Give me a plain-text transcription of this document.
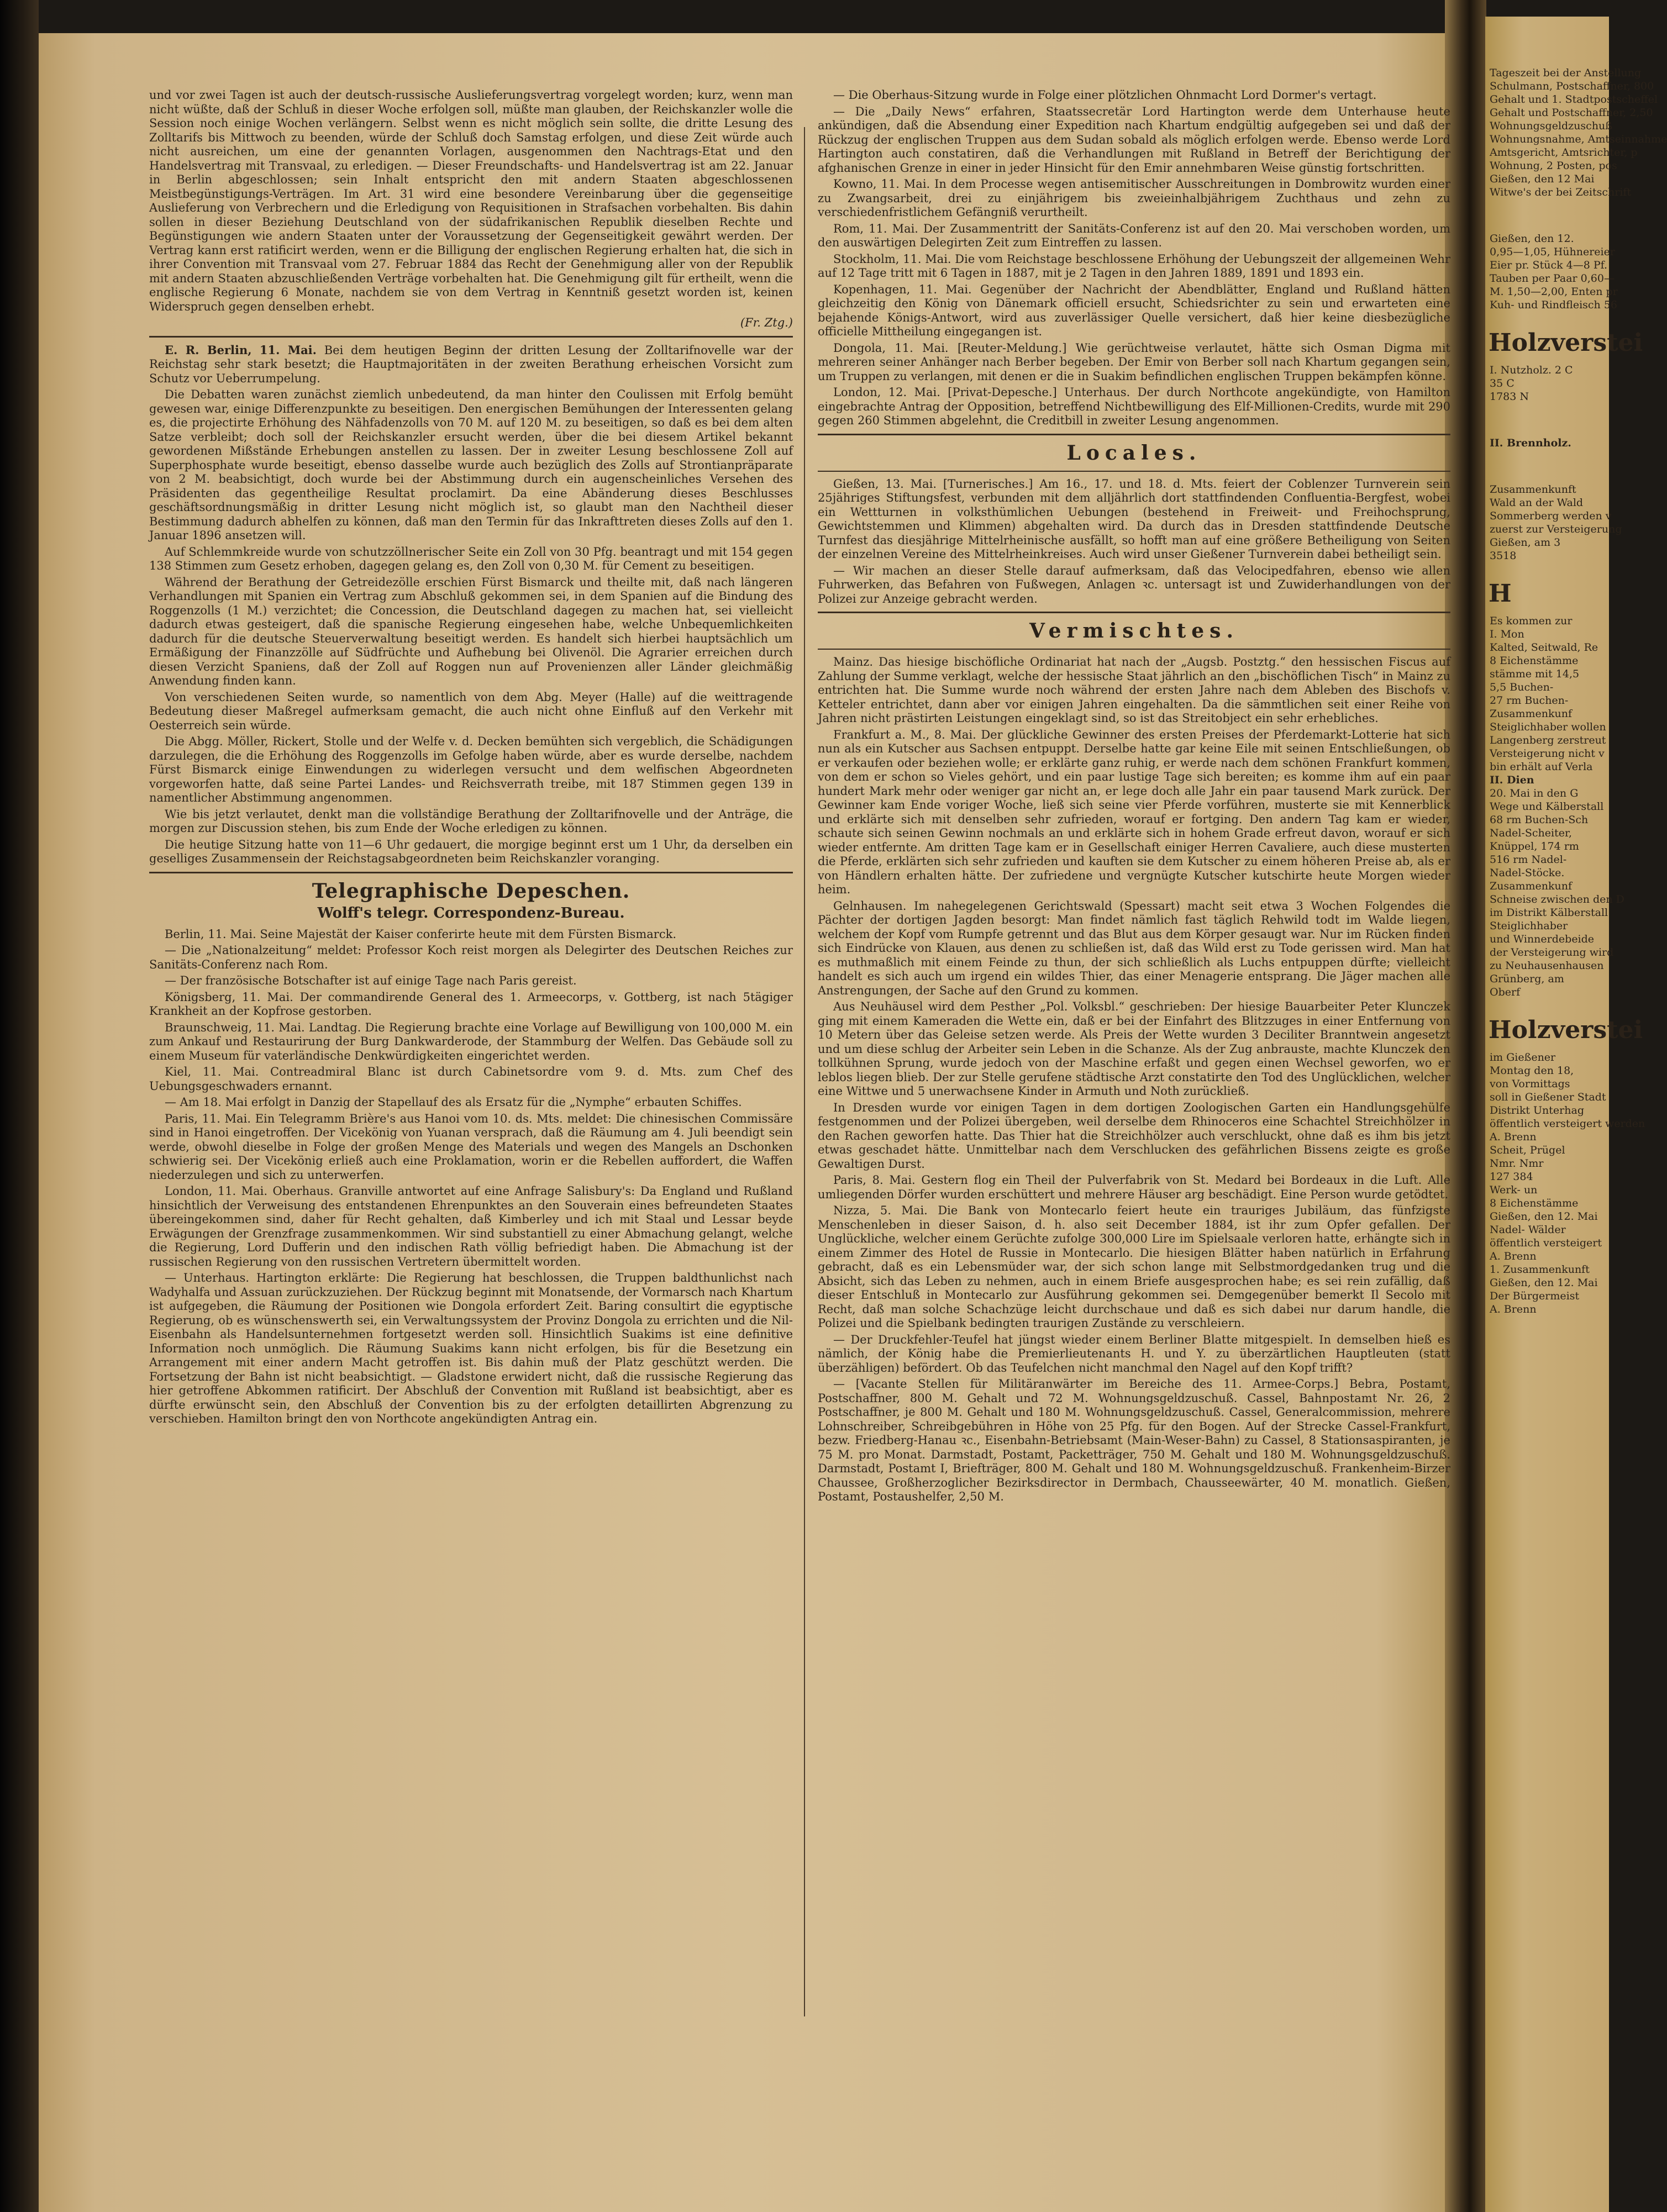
und vor zwei Tagen ist auch der deutsch-russische Auslieferungsvertrag vorgelegt worden; kurz, wenn man nicht wüßte, daß der Schluß in dieser Woche erfolgen soll, müßte man glauben, der Reichskanzler wolle die Session noch einige Wochen verlängern. Selbst wenn es nicht möglich sein sollte, die dritte Lesung des Zolltarifs bis Mittwoch zu beenden, würde der Schluß doch Samstag erfolgen, und diese Zeit würde auch nicht ausreichen, um eine der genannten Vorlagen, ausgenommen den Nachtrags-Etat und den Handelsvertrag mit Transvaal, zu erledigen. — Dieser Freundschafts- und Handelsvertrag ist am 22. Januar in Berlin abgeschlossen; sein Inhalt entspricht den mit andern Staaten abgeschlossenen Meistbegünstigungs-Verträgen. Im Art. 31 wird eine besondere Vereinbarung über die gegenseitige Auslieferung von Verbrechern und die Erledigung von Requisitionen in Strafsachen vorbehalten. Bis dahin sollen in dieser Beziehung Deutschland von der südafrikanischen Republik dieselben Rechte und Begünstigungen wie andern Staaten unter der Voraussetzung der Gegenseitigkeit gewährt werden. Der Vertrag kann erst ratificirt werden, wenn er die Billigung der englischen Regierung erhalten hat, die sich in ihrer Convention mit Transvaal vom 27. Februar 1884 das Recht der Genehmigung aller von der Republik mit andern Staaten abzuschließenden Verträge vorbehalten hat. Die Genehmigung gilt für ertheilt, wenn die englische Regierung 6 Monate, nachdem sie von dem Vertrag in Kenntniß gesetzt worden ist, keinen Widerspruch gegen denselben erhebt.

(Fr. Ztg.)

E. R. Berlin, 11. Mai. Bei dem heutigen Beginn der dritten Lesung der Zolltarifnovelle war der Reichstag sehr stark besetzt; die Hauptmajoritäten in der zweiten Berathung erheischen Vorsicht zum Schutz vor Ueberrumpelung.

Die Debatten waren zunächst ziemlich unbedeutend, da man hinter den Coulissen mit Erfolg bemüht gewesen war, einige Differenzpunkte zu beseitigen. Den energischen Bemühungen der Interessenten gelang es, die projectirte Erhöhung des Nähfadenzolls von 70 M. auf 120 M. zu beseitigen, so daß es bei dem alten Satze verbleibt; doch soll der Reichskanzler ersucht werden, über die bei diesem Artikel bekannt gewordenen Mißstände Erhebungen anstellen zu lassen. Der in zweiter Lesung beschlossene Zoll auf Superphosphate wurde beseitigt, ebenso dasselbe wurde auch bezüglich des Zolls auf Strontianpräparate von 2 M. beabsichtigt, doch wurde bei der Abstimmung durch ein augenscheinliches Versehen des Präsidenten das gegentheilige Resultat proclamirt. Da eine Abänderung dieses Beschlusses geschäftsordnungsmäßig in dritter Lesung nicht möglich ist, so glaubt man den Nachtheil dieser Bestimmung dadurch abhelfen zu können, daß man den Termin für das Inkrafttreten dieses Zolls auf den 1. Januar 1896 ansetzen will.

Auf Schlemmkreide wurde von schutzzöllnerischer Seite ein Zoll von 30 Pfg. beantragt und mit 154 gegen 138 Stimmen zum Gesetz erhoben, dagegen gelang es, den Zoll von 0,30 M. für Cement zu beseitigen.

Während der Berathung der Getreidezölle erschien Fürst Bismarck und theilte mit, daß nach längeren Verhandlungen mit Spanien ein Vertrag zum Abschluß gekommen sei, in dem Spanien auf die Bindung des Roggenzolls (1 M.) verzichtet; die Concession, die Deutschland dagegen zu machen hat, sei vielleicht dadurch etwas gesteigert, daß die spanische Regierung eingesehen habe, welche Unbequemlichkeiten dadurch für die deutsche Steuerverwaltung beseitigt werden. Es handelt sich hierbei hauptsächlich um Ermäßigung der Finanzzölle auf Südfrüchte und Aufhebung bei Olivenöl. Die Agrarier erreichen durch diesen Verzicht Spaniens, daß der Zoll auf Roggen nun auf Provenienzen aller Länder gleichmäßig Anwendung finden kann.

Von verschiedenen Seiten wurde, so namentlich von dem Abg. Meyer (Halle) auf die weittragende Bedeutung dieser Maßregel aufmerksam gemacht, die auch nicht ohne Einfluß auf den Verkehr mit Oesterreich sein würde.

Die Abgg. Möller, Rickert, Stolle und der Welfe v. d. Decken bemühten sich vergeblich, die Schädigungen darzulegen, die die Erhöhung des Roggenzolls im Gefolge haben würde, aber es wurde derselbe, nachdem Fürst Bismarck einige Einwendungen zu widerlegen versucht und dem welfischen Abgeordneten vorgeworfen hatte, daß seine Partei Landes- und Reichsverrath treibe, mit 187 Stimmen gegen 139 in namentlicher Abstimmung angenommen.

Wie bis jetzt verlautet, denkt man die vollständige Berathung der Zolltarifnovelle und der Anträge, die morgen zur Discussion stehen, bis zum Ende der Woche erledigen zu können.

Die heutige Sitzung hatte von 11—6 Uhr gedauert, die morgige beginnt erst um 1 Uhr, da derselben ein geselliges Zusammensein der Reichstagsabgeordneten beim Reichskanzler voranging.

Telegraphische Depeschen.
Wolff's telegr. Correspondenz-Bureau.

Berlin, 11. Mai. Seine Majestät der Kaiser conferirte heute mit dem Fürsten Bismarck.

— Die „Nationalzeitung“ meldet: Professor Koch reist morgen als Delegirter des Deutschen Reiches zur Sanitäts-Conferenz nach Rom.

— Der französische Botschafter ist auf einige Tage nach Paris gereist.

Königsberg, 11. Mai. Der commandirende General des 1. Armeecorps, v. Gottberg, ist nach 5tägiger Krankheit an der Kopfrose gestorben.

Braunschweig, 11. Mai. Landtag. Die Regierung brachte eine Vorlage auf Bewilligung von 100,000 M. ein zum Ankauf und Restaurirung der Burg Dankwarderode, der Stammburg der Welfen. Das Gebäude soll zu einem Museum für vaterländische Denkwürdigkeiten eingerichtet werden.

Kiel, 11. Mai. Contreadmiral Blanc ist durch Cabinetsordre vom 9. d. Mts. zum Chef des Uebungsgeschwaders ernannt.

— Am 18. Mai erfolgt in Danzig der Stapellauf des als Ersatz für die „Nymphe“ erbauten Schiffes.

Paris, 11. Mai. Ein Telegramm Brière's aus Hanoi vom 10. ds. Mts. meldet: Die chinesischen Commissäre sind in Hanoi eingetroffen. Der Vicekönig von Yuanan versprach, daß die Räumung am 4. Juli beendigt sein werde, obwohl dieselbe in Folge der großen Menge des Materials und wegen des Mangels an Dschonken schwierig sei. Der Vicekönig erließ auch eine Proklamation, worin er die Rebellen auffordert, die Waffen niederzulegen und sich zu unterwerfen.

London, 11. Mai. Oberhaus. Granville antwortet auf eine Anfrage Salisbury's: Da England und Rußland hinsichtlich der Verweisung des entstandenen Ehrenpunktes an den Souverain eines befreundeten Staates übereingekommen sind, daher für Recht gehalten, daß Kimberley und ich mit Staal und Lessar beyde Erwägungen der Grenzfrage zusammenkommen. Wir sind substantiell zu einer Abmachung gelangt, welche die Regierung, Lord Dufferin und den indischen Rath völlig befriedigt haben. Die Abmachung ist der russischen Regierung von den russischen Vertretern übermittelt worden.

— Unterhaus. Hartington erklärte: Die Regierung hat beschlossen, die Truppen baldthunlichst nach Wadyhalfa und Assuan zurückzuziehen. Der Rückzug beginnt mit Monatsende, der Vormarsch nach Khartum ist aufgegeben, die Räumung der Positionen wie Dongola erfordert Zeit. Baring consultirt die egyptische Regierung, ob es wünschenswerth sei, ein Verwaltungssystem der Provinz Dongola zu errichten und die Nil-Eisenbahn als Handelsunternehmen fortgesetzt werden soll. Hinsichtlich Suakims ist eine definitive Information noch unmöglich. Die Räumung Suakims kann nicht erfolgen, bis für die Besetzung ein Arrangement mit einer andern Macht getroffen ist. Bis dahin muß der Platz geschützt werden. Die Fortsetzung der Bahn ist nicht beabsichtigt. — Gladstone erwidert nicht, daß die russische Regierung das hier getroffene Abkommen ratificirt. Der Abschluß der Convention mit Rußland ist beabsichtigt, aber es dürfte erwünscht sein, den Abschluß der Convention bis zu der erfolgten detaillirten Abgrenzung zu verschieben. Hamilton bringt den von Northcote angekündigten Antrag ein.

— Die Oberhaus-Sitzung wurde in Folge einer plötzlichen Ohnmacht Lord Dormer's vertagt.

— Die „Daily News“ erfahren, Staatssecretär Lord Hartington werde dem Unterhause heute ankündigen, daß die Absendung einer Expedition nach Khartum endgültig aufgegeben sei und daß der Rückzug der englischen Truppen aus dem Sudan sobald als möglich erfolgen werde. Ebenso werde Lord Hartington auch constatiren, daß die Verhandlungen mit Rußland in Betreff der Berichtigung der afghanischen Grenze in einer in jeder Hinsicht für den Emir annehmbaren Weise günstig fortschritten.

Kowno, 11. Mai. In dem Processe wegen antisemitischer Ausschreitungen in Dombrowitz wurden einer zu Zwangsarbeit, drei zu einjährigem bis zweieinhalbjährigem Zuchthaus und zehn zu verschiedenfristlichem Gefängniß verurtheilt.

Rom, 11. Mai. Der Zusammentritt der Sanitäts-Conferenz ist auf den 20. Mai verschoben worden, um den auswärtigen Delegirten Zeit zum Eintreffen zu lassen.

Stockholm, 11. Mai. Die vom Reichstage beschlossene Erhöhung der Uebungszeit der allgemeinen Wehr auf 12 Tage tritt mit 6 Tagen in 1887, mit je 2 Tagen in den Jahren 1889, 1891 und 1893 ein.

Kopenhagen, 11. Mai. Gegenüber der Nachricht der Abendblätter, England und Rußland hätten gleichzeitig den König von Dänemark officiell ersucht, Schiedsrichter zu sein und erwarteten eine bejahende Königs-Antwort, wird aus zuverlässiger Quelle versichert, daß hier keine diesbezügliche officielle Mittheilung eingegangen ist.

Dongola, 11. Mai. [Reuter-Meldung.] Wie gerüchtweise verlautet, hätte sich Osman Digma mit mehreren seiner Anhänger nach Berber begeben. Der Emir von Berber soll nach Khartum gegangen sein, um Truppen zu verlangen, mit denen er die in Suakim befindlichen englischen Truppen bekämpfen könne.

London, 12. Mai. [Privat-Depesche.] Unterhaus. Der durch Northcote angekündigte, von Hamilton eingebrachte Antrag der Opposition, betreffend Nichtbewilligung des Elf-Millionen-Credits, wurde mit 290 gegen 260 Stimmen abgelehnt, die Creditbill in zweiter Lesung angenommen.

Locales.

Gießen, 13. Mai. [Turnerisches.] Am 16., 17. und 18. d. Mts. feiert der Coblenzer Turnverein sein 25jähriges Stiftungsfest, verbunden mit dem alljährlich dort stattfindenden Confluentia-Bergfest, wobei ein Wettturnen in volksthümlichen Uebungen (bestehend in Freiweit- und Freihochsprung, Gewichtstemmen und Klimmen) abgehalten wird. Da durch das in Dresden stattfindende Deutsche Turnfest das diesjährige Mittelrheinische ausfällt, so hofft man auf eine größere Betheiligung von Seiten der einzelnen Vereine des Mittelrheinkreises. Auch wird unser Gießener Turnverein dabei betheiligt sein.

— Wir machen an dieser Stelle darauf aufmerksam, daß das Velocipedfahren, ebenso wie allen Fuhrwerken, das Befahren von Fußwegen, Anlagen ꝛc. untersagt ist und Zuwiderhandlungen von der Polizei zur Anzeige gebracht werden.

Vermischtes.

Mainz. Das hiesige bischöfliche Ordinariat hat nach der „Augsb. Postztg.“ den hessischen Fiscus auf Zahlung der Summe verklagt, welche der hessische Staat jährlich an den „bischöflichen Tisch“ in Mainz zu entrichten hat. Die Summe wurde noch während der ersten Jahre nach dem Ableben des Bischofs v. Ketteler entrichtet, dann aber vor einigen Jahren eingehalten. Da die sämmtlichen seit einer Reihe von Jahren nicht prästirten Leistungen eingeklagt sind, so ist das Streitobject ein sehr erhebliches.

Frankfurt a. M., 8. Mai. Der glückliche Gewinner des ersten Preises der Pferdemarkt-Lotterie hat sich nun als ein Kutscher aus Sachsen entpuppt. Derselbe hatte gar keine Eile mit seinen Entschließungen, ob er verkaufen oder beziehen wolle; er erklärte ganz ruhig, er werde nach dem schönen Frankfurt kommen, von dem er schon so Vieles gehört, und ein paar lustige Tage sich bereiten; es komme ihm auf ein paar hundert Mark mehr oder weniger gar nicht an, er lege doch alle Jahr ein paar tausend Mark zurück. Der Gewinner kam Ende voriger Woche, ließ sich seine vier Pferde vorführen, musterte sie mit Kennerblick und erklärte sich mit denselben sehr zufrieden, worauf er fortging. Den andern Tag kam er wieder, schaute sich seinen Gewinn nochmals an und erklärte sich in hohem Grade erfreut davon, worauf er sich wieder entfernte. Am dritten Tage kam er in Gesellschaft einiger Herren Cavaliere, auch diese musterten die Pferde, erklärten sich sehr zufrieden und kauften sie dem Kutscher zu einem höheren Preise ab, als er von Händlern erhalten hätte. Der zufriedene und vergnügte Kutscher kutschirte heute Morgen wieder heim.

Gelnhausen. Im nahegelegenen Gerichtswald (Spessart) macht seit etwa 3 Wochen Folgendes die Pächter der dortigen Jagden besorgt: Man findet nämlich fast täglich Rehwild todt im Walde liegen, welchem der Kopf vom Rumpfe getrennt und das Blut aus dem Körper gesaugt war. Nur im Rücken finden sich Eindrücke von Klauen, aus denen zu schließen ist, daß das Wild erst zu Tode gerissen wird. Man hat es muthmaßlich mit einem Feinde zu thun, der sich schließlich als Luchs entpuppen dürfte; vielleicht handelt es sich auch um irgend ein wildes Thier, das einer Menagerie entsprang. Die Jäger machen alle Anstrengungen, der Sache auf den Grund zu kommen.

Aus Neuhäusel wird dem Pesther „Pol. Volksbl.“ geschrieben: Der hiesige Bauarbeiter Peter Klunczek ging mit einem Kameraden die Wette ein, daß er bei der Einfahrt des Blitzzuges in einer Entfernung von 10 Metern über das Geleise setzen werde. Als Preis der Wette wurden 3 Deciliter Branntwein angesetzt und um diese schlug der Arbeiter sein Leben in die Schanze. Als der Zug anbrauste, machte Klunczek den tollkühnen Sprung, wurde jedoch von der Maschine erfaßt und gegen einen Wechsel geworfen, wo er leblos liegen blieb. Der zur Stelle gerufene städtische Arzt constatirte den Tod des Unglücklichen, welcher eine Wittwe und 5 unerwachsene Kinder in Armuth und Noth zurückließ.

In Dresden wurde vor einigen Tagen in dem dortigen Zoologischen Garten ein Handlungsgehülfe festgenommen und der Polizei übergeben, weil derselbe dem Rhinoceros eine Schachtel Streichhölzer in den Rachen geworfen hatte. Das Thier hat die Streichhölzer auch verschluckt, ohne daß es ihm bis jetzt etwas geschadet hätte. Unmittelbar nach dem Verschlucken des gefährlichen Bissens zeigte es große Gewaltigen Durst.

Paris, 8. Mai. Gestern flog ein Theil der Pulverfabrik von St. Medard bei Bordeaux in die Luft. Alle umliegenden Dörfer wurden erschüttert und mehrere Häuser arg beschädigt. Eine Person wurde getödtet.

Nizza, 5. Mai. Die Bank von Montecarlo feiert heute ein trauriges Jubiläum, das fünfzigste Menschenleben in dieser Saison, d. h. also seit December 1884, ist ihr zum Opfer gefallen. Der Unglückliche, welcher einem Gerüchte zufolge 300,000 Lire im Spielsaale verloren hatte, erhängte sich in einem Zimmer des Hotel de Russie in Montecarlo. Die hiesigen Blätter haben natürlich in Erfahrung gebracht, daß es ein Lebensmüder war, der sich schon lange mit Selbstmordgedanken trug und die Absicht, sich das Leben zu nehmen, auch in einem Briefe ausgesprochen habe; es sei rein zufällig, daß dieser Entschluß in Montecarlo zur Ausführung gekommen sei. Demgegenüber bemerkt Il Secolo mit Recht, daß man solche Schachzüge leicht durchschaue und daß es sich dabei nur darum handle, die Polizei und die Spielbank bedingten traurigen Zustände zu verschleiern.

— Der Druckfehler-Teufel hat jüngst wieder einem Berliner Blatte mitgespielt. In demselben hieß es nämlich, der König habe die Premierlieutenants H. und Y. zu überzärtlichen Hauptleuten (statt überzähligen) befördert. Ob das Teufelchen nicht manchmal den Nagel auf den Kopf trifft?

— [Vacante Stellen für Militäranwärter im Bereiche des 11. Armee-Corps.] Bebra, Postamt, Postschaffner, 800 M. Gehalt und 72 M. Wohnungsgeldzuschuß. Cassel, Bahnpostamt Nr. 26, 2 Postschaffner, je 800 M. Gehalt und 180 M. Wohnungsgeldzuschuß. Cassel, Generalcommission, mehrere Lohnschreiber, Schreibgebühren in Höhe von 25 Pfg. für den Bogen. Auf der Strecke Cassel-Frankfurt, bezw. Friedberg-Hanau ꝛc., Eisenbahn-Betriebsamt (Main-Weser-Bahn) zu Cassel, 8 Stationsaspiranten, je 75 M. pro Monat. Darmstadt, Postamt, Packetträger, 750 M. Gehalt und 180 M. Wohnungsgeldzuschuß. Darmstadt, Postamt I, Briefträger, 800 M. Gehalt und 180 M. Wohnungsgeldzuschuß. Frankenheim-Birzer Chaussee, Großherzoglicher Bezirksdirector in Dermbach, Chausseewärter, 40 M. monatlich. Gießen, Postamt, Postaushelfer, 2,50 M.

Tageszeit bei der Anstellung
Schulmann, Postschaffner, 800
Gehalt und 1. Stadtpostscheffel
Gehalt und Postschaffner, 2,50
Wohnungsgeldzuschuß
Wohnungsnahme, Amtseinnahme
Amtsgericht, Amtsrichter, p
Wohnung, 2 Posten, pos
Gießen, den 12 Mai
Witwe's der bei Zeitschrift
Gießen, den 12.
0,95—1,05, Hühnereier
Eier pr. Stück 4—8 Pf.
Tauben per Paar 0,60—
M. 1,50—2,00, Enten pr
Kuh- und Rindfleisch 56
Holzverstei
I. Nutzholz. 2 C
35 C
1783 N
II. Brennholz.
Zusammenkunft
Wald an der Wald
Sommerberg werden v
zuerst zur Versteigerung
Gießen, am 3
3518
H
Es kommen zur
I. Mon
Kalted, Seitwald, Re
8 Eichenstämme
stämme mit 14,5
5,5 Buchen-
27 rm Buchen-
Zusammenkunf
Steiglichhaber wollen
Langenberg zerstreut
Versteigerung nicht v
bin erhält auf Verla
II. Dien
20. Mai in den G
Wege und Kälberstall
68 rm Buchen-Sch
Nadel-Scheiter,
Knüppel, 174 rm
516 rm Nadel-
Nadel-Stöcke.
Zusammenkunf
Schneise zwischen den D
im Distrikt Kälberstall
Steiglichhaber
und Winnerdebeide
der Versteigerung wird
zu Neuhausenhausen
Grünberg, am
Oberf
Holzverstei
im Gießener
Montag den 18,
von Vormittags
soll in Gießener Stadt
Distrikt Unterhag
öffentlich versteigert werden
A. Brenn
Scheit, Prügel
Nmr. Nmr
127 384
Werk- un
8 Eichenstämme
Gießen, den 12. Mai
Nadel- Wälder
öffentlich versteigert
A. Brenn
1. Zusammenkunft
Gießen, den 12. Mai
Der Bürgermeist
A. Brenn
